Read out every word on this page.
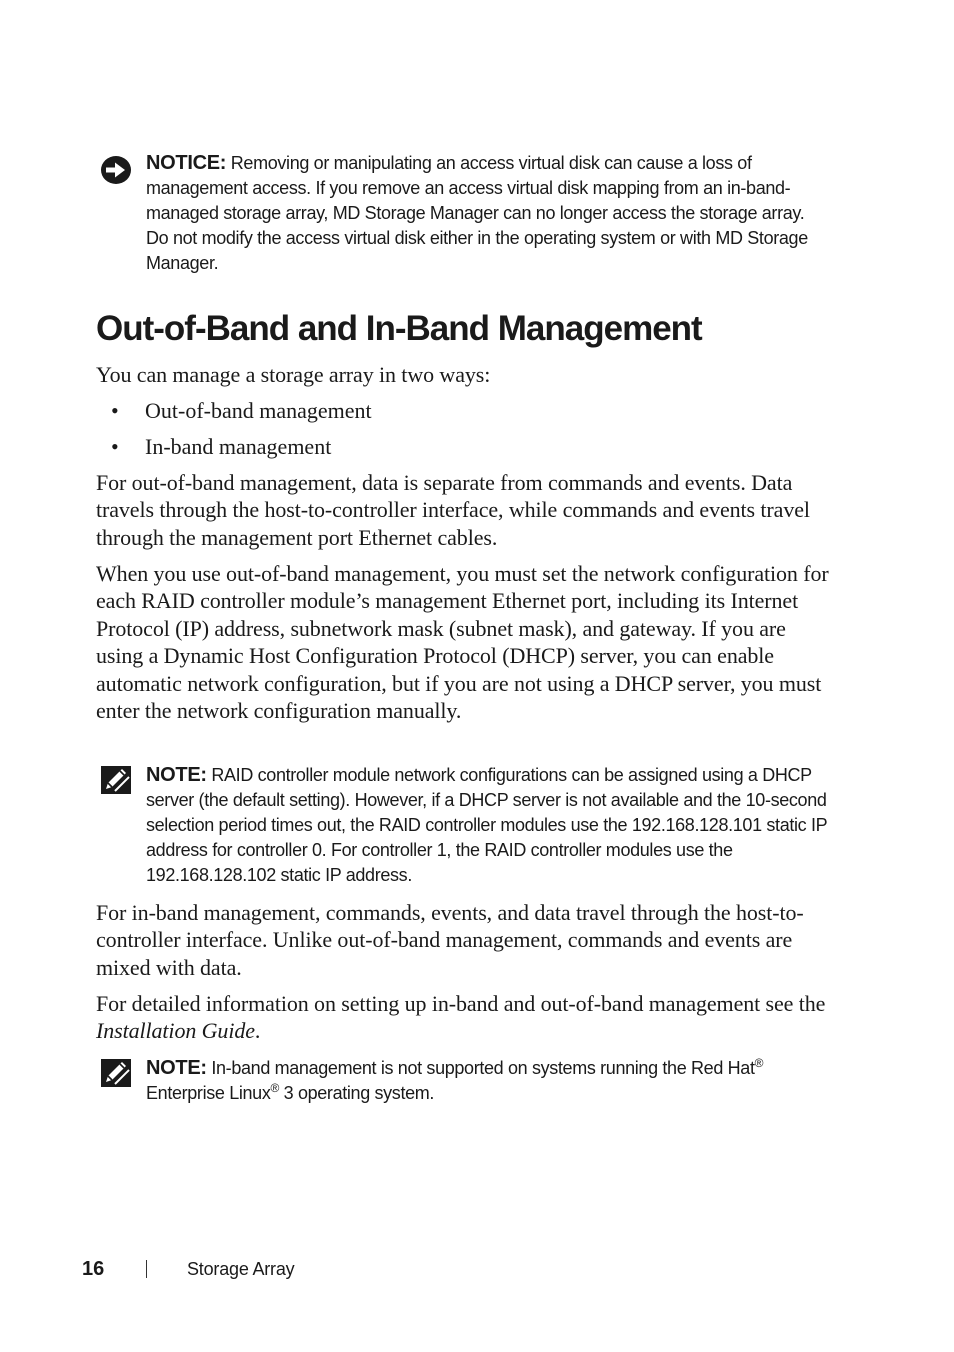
NOTICE: Removing or manipulating an access virtual disk can cause a loss of management access. If you remove an access virtual disk mapping from an in-band-managed storage array, MD Storage Manager can no longer access the storage array. Do not modify the access virtual disk either in the operating system or with MD Storage Manager.
Out-of-Band and In-Band Management

You can manage a storage array in two ways:

• Out-of-band management
• In-band management

For out-of-band management, data is separate from commands and events. Data travels through the host-to-controller interface, while commands and events travel through the management port Ethernet cables.

When you use out-of-band management, you must set the network configuration for each RAID controller module’s management Ethernet port, including its Internet Protocol (IP) address, subnetwork mask (subnet mask), and gateway. If you are using a Dynamic Host Configuration Protocol (DHCP) server, you can enable automatic network configuration, but if you are not using a DHCP server, you must enter the network configuration manually.

NOTE: RAID controller module network configurations can be assigned using a DHCP server (the default setting). However, if a DHCP server is not available and the 10-second selection period times out, the RAID controller modules use the 192.168.128.101 static IP address for controller 0. For controller 1, the RAID controller modules use the 192.168.128.102 static IP address.

For in-band management, commands, events, and data travel through the host-to-controller interface. Unlike out-of-band management, commands and events are mixed with data.

For detailed information on setting up in-band and out-of-band management see the Installation Guide.

NOTE: In-band management is not supported on systems running the Red Hat® Enterprise Linux® 3 operating system.
16	Storage Array
